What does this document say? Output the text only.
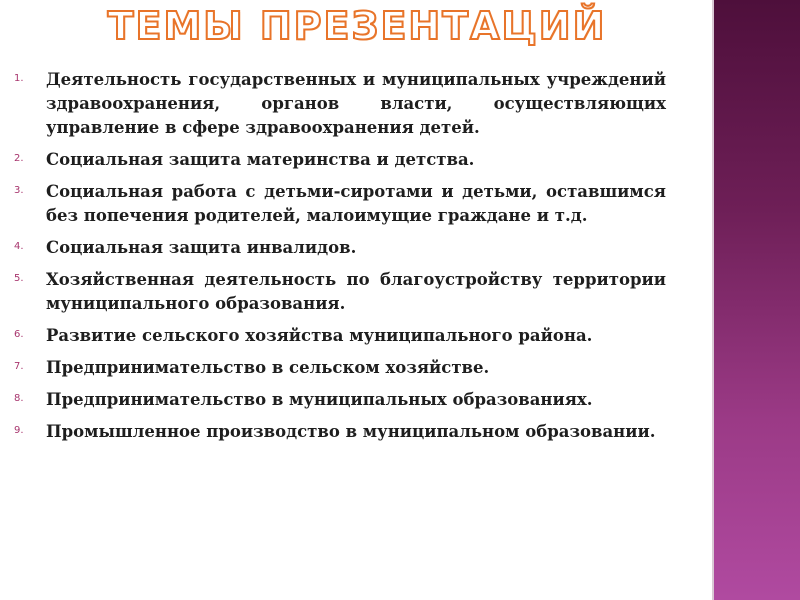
ТЕМЫ ПРЕЗЕНТАЦИЙ
1.	Деятельность государственных и муниципальных учреждений здравоохранения, органов власти, осуществляющих управление в сфере здравоохранения детей.
2.	Социальная защита материнства и детства.
3.	Социальная работа с детьми-сиротами и детьми, оставшимся без попечения родителей, малоимущие граждане и т.д.
4.	Социальная защита инвалидов.
5.	Хозяйственная деятельность по благоустройству территории муниципального образования.
6.	Развитие сельского хозяйства муниципального района.
7.	Предпринимательство в сельском хозяйстве.
8.	Предпринимательство в муниципальных образованиях.
9.	Промышленное производство в муниципальном образовании.
